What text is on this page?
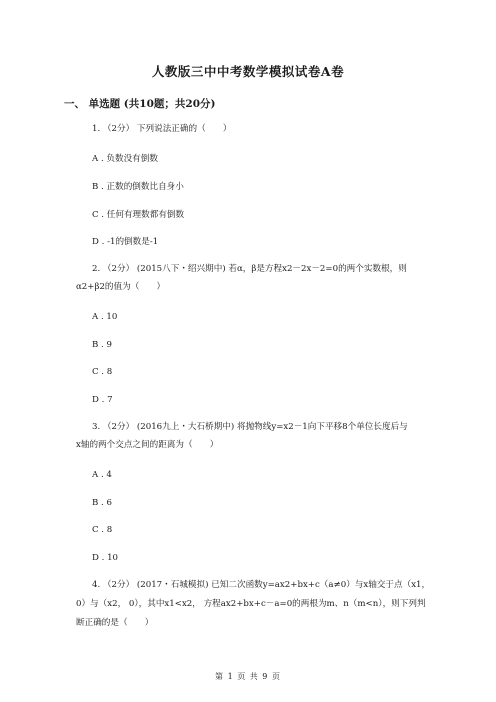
人教版三中中考数学模拟试卷A卷
一、 单选题 (共10题；共20分)
1. （2分） 下列说法正确的（　　）
A . 负数没有倒数
B . 正数的倒数比自身小
C . 任何有理数都有倒数
D . -1的倒数是-1
2. （2分） (2015八下・绍兴期中) 若α，β是方程x2－2x－2=0的两个实数根，则
α2+β2的值为（　　）
A . 10
B . 9
C . 8
D . 7
3. （2分） (2016九上・大石桥期中) 将抛物线y=x2－1向下平移8个单位长度后与
x轴的两个交点之间的距离为（　　）
A . 4
B . 6
C . 8
D . 10
4. （2分） (2017・石城模拟) 已知二次函数y=ax2+bx+c（a≠0）与x轴交于点（x1，
0）与（x2， 0），其中x1<x2， 方程ax2+bx+c－a=0的两根为m、n（m<n），则下列判
断正确的是（　　）
第 1 页 共 9 页
